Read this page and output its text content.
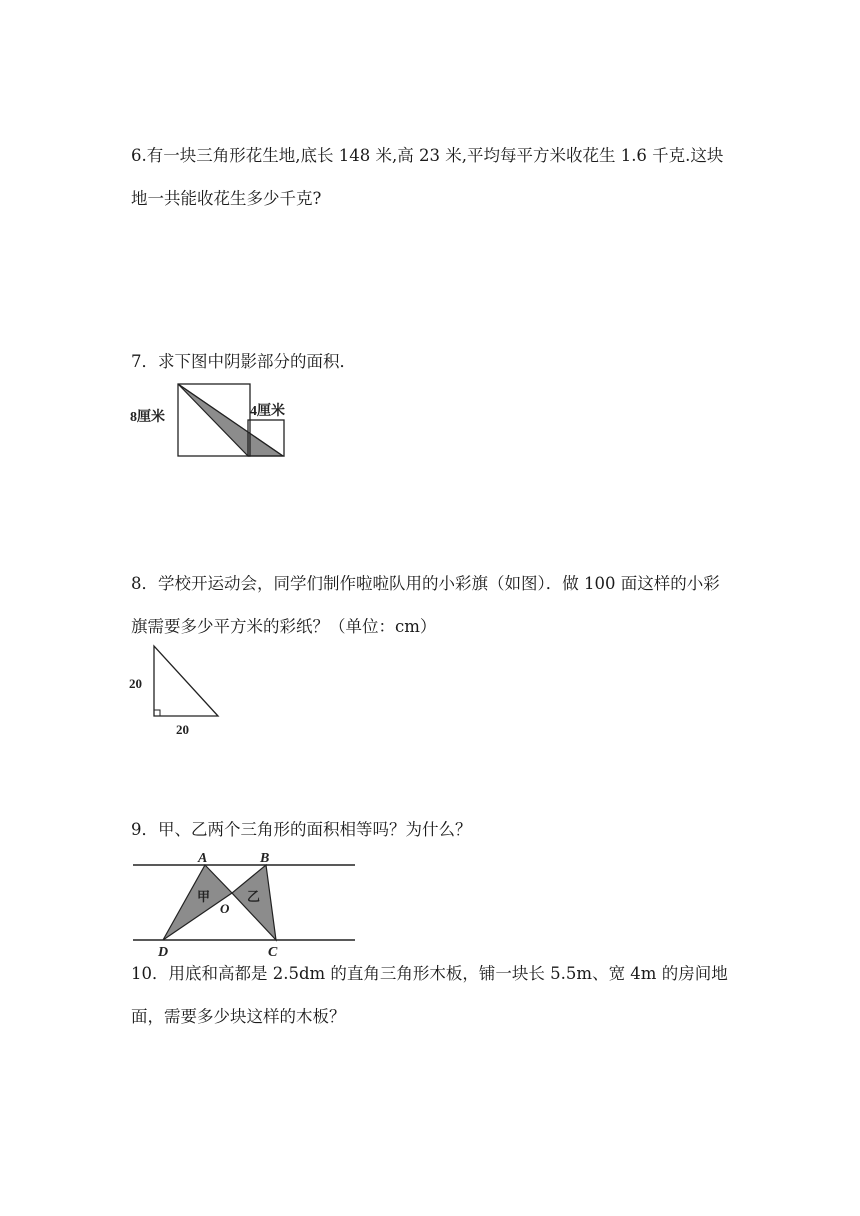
6.有一块三角形花生地,底长 148 米,高 23 米,平均每平方米收花生 1.6 千克.这块地一共能收花生多少千克?

7．求下图中阴影部分的面积．

8厘米	4厘米

8．学校开运动会，同学们制作啦啦队用的小彩旗（如图）．做 100 面这样的小彩旗需要多少平方米的彩纸？（单位：cm）

20
20

9．甲、乙两个三角形的面积相等吗？为什么？

A	B
D	C
O
甲	乙

10．用底和高都是 2.5dm 的直角三角形木板，铺一块长 5.5m、宽 4m 的房间地面，需要多少块这样的木板？
